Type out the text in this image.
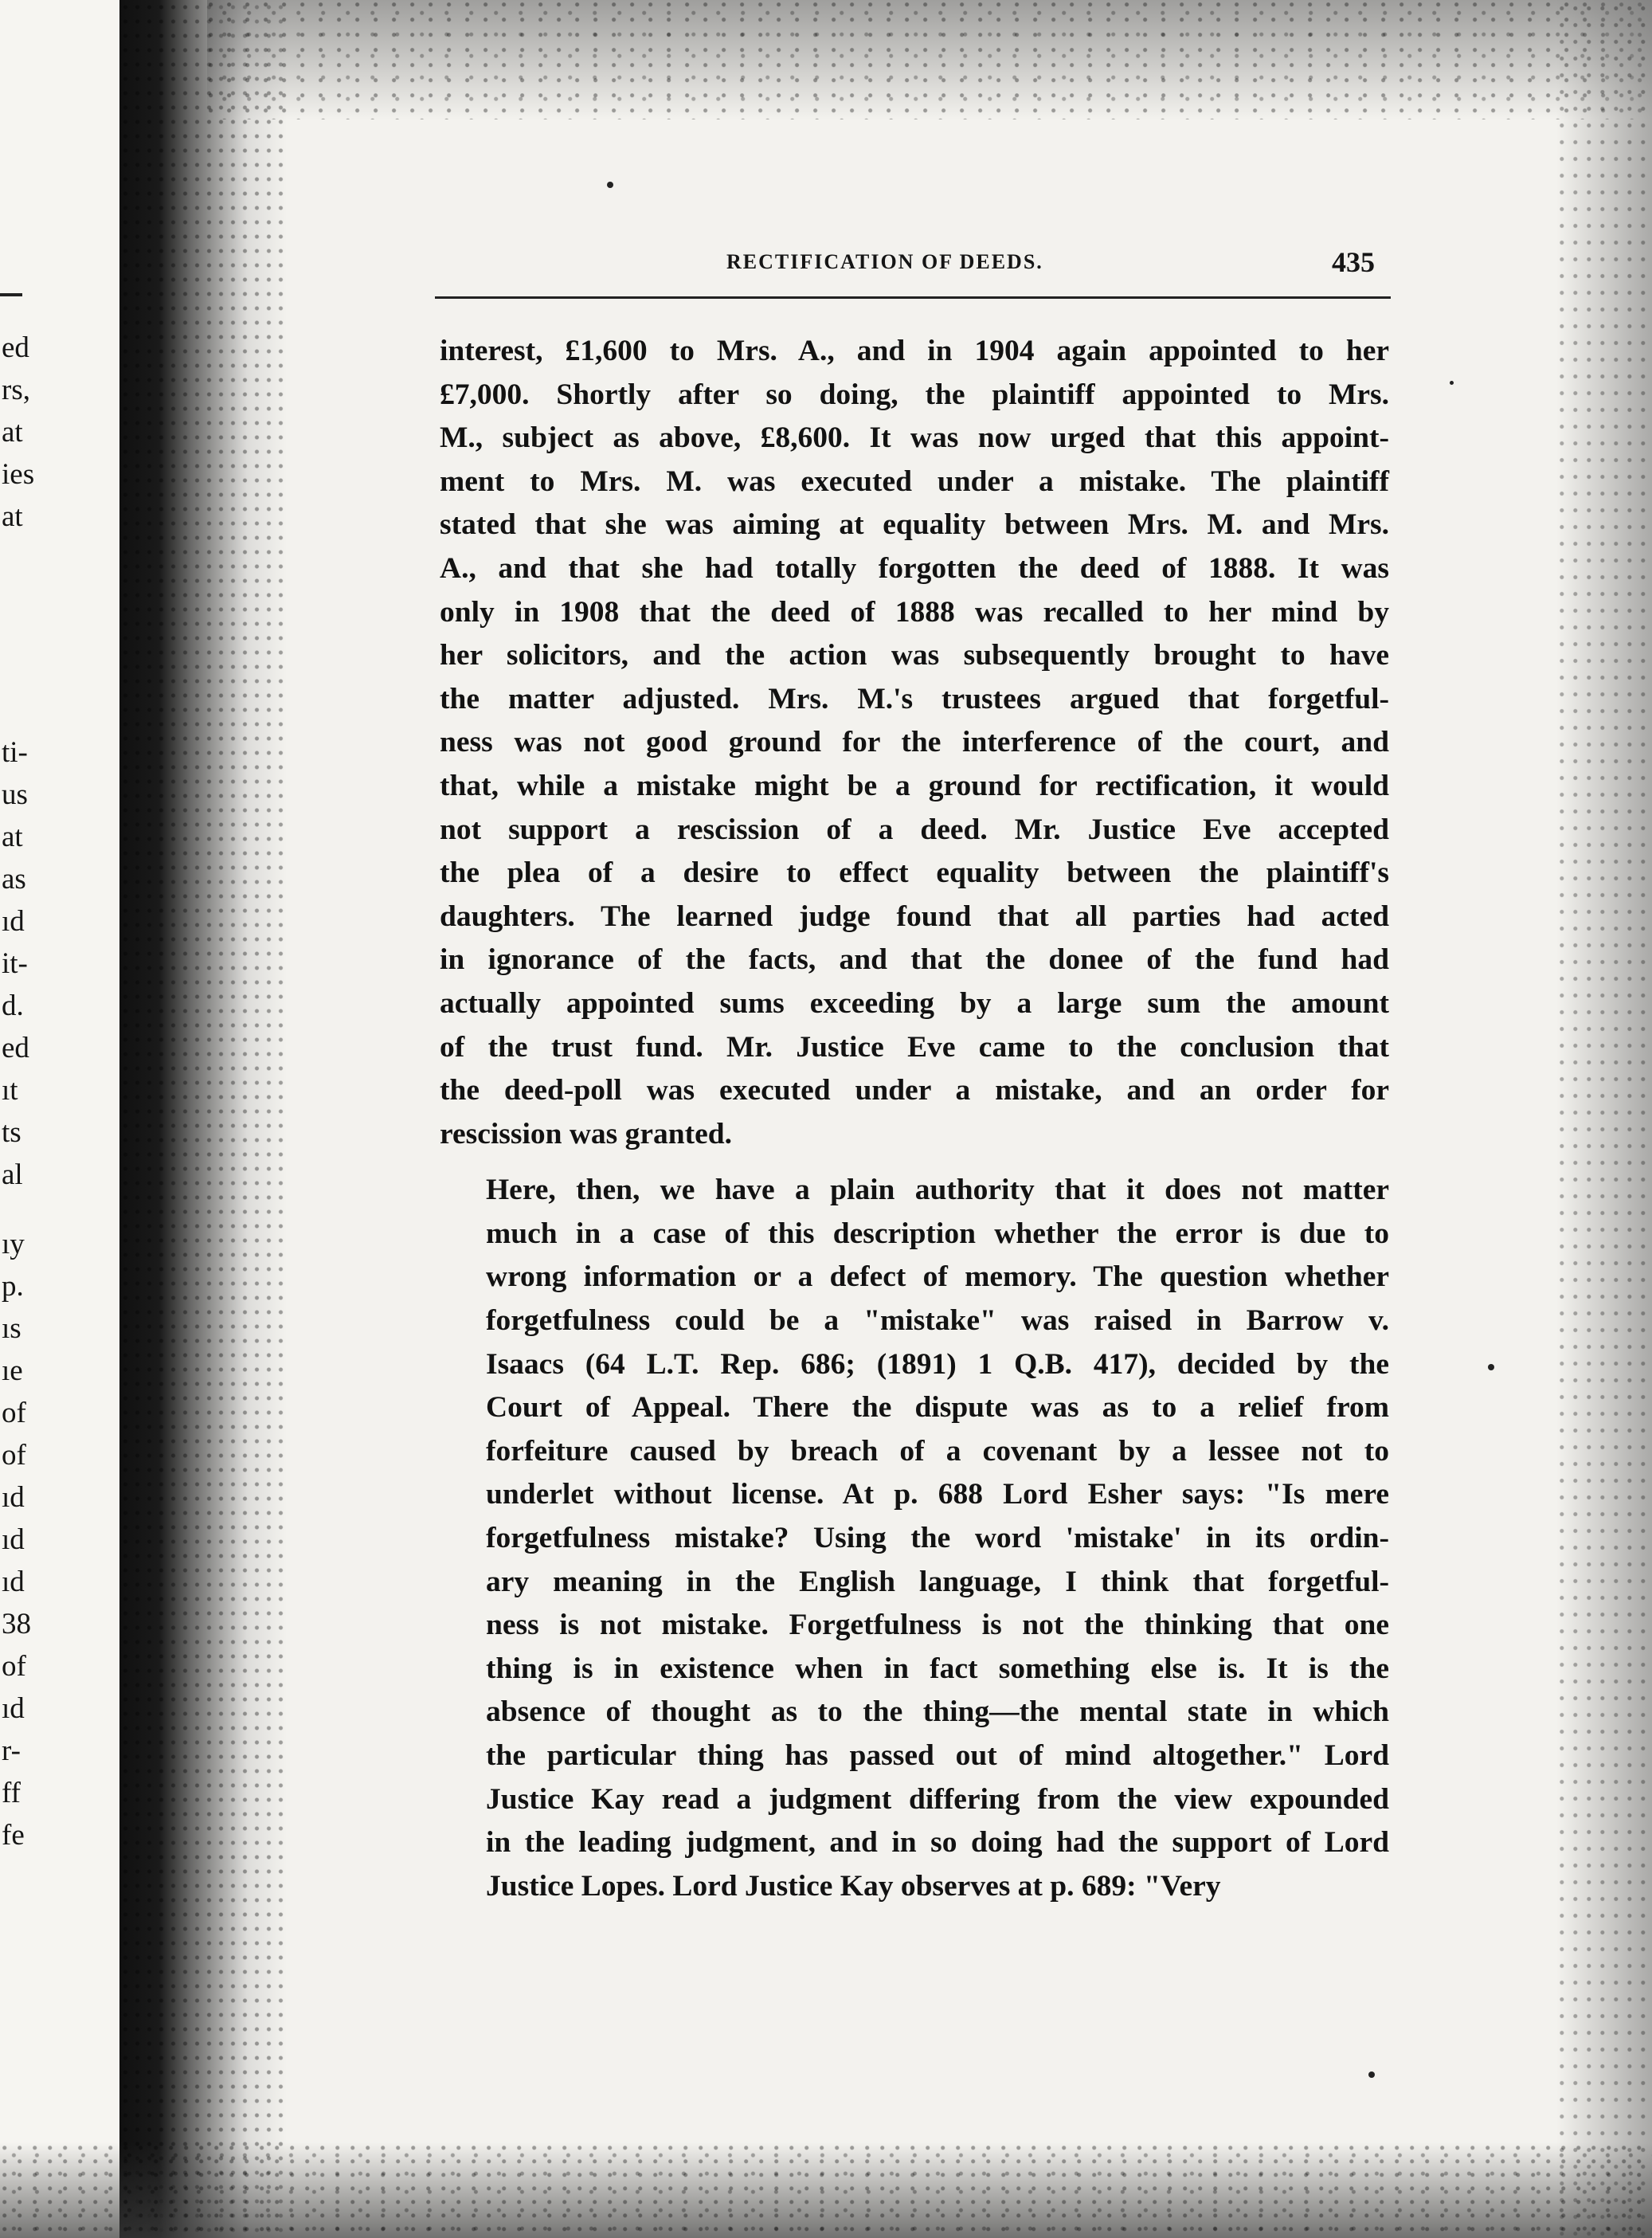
ed
rs,
at
ies
at
ti-
us
at
as
ıd
it-
d.
ed
ıt
ts
al
ıy
p.
ıs
ıe
of
of
ıd
ıd
ıd
38
of
ıd
r-
ff
fe
RECTIFICATION OF DEEDS.	435

interest, £1,600 to Mrs. A., and in 1904 again appointed to her
£7,000. Shortly after so doing, the plaintiff appointed to Mrs.
M., subject as above, £8,600. It was now urged that this appoint-
ment to Mrs. M. was executed under a mistake. The plaintiff
stated that she was aiming at equality between Mrs. M. and Mrs.
A., and that she had totally forgotten the deed of 1888. It was
only in 1908 that the deed of 1888 was recalled to her mind by
her solicitors, and the action was subsequently brought to have
the matter adjusted. Mrs. M.'s trustees argued that forgetful-
ness was not good ground for the interference of the court, and
that, while a mistake might be a ground for rectification, it would
not support a rescission of a deed. Mr. Justice Eve accepted
the plea of a desire to effect equality between the plaintiff's
daughters. The learned judge found that all parties had acted
in ignorance of the facts, and that the donee of the fund had
actually appointed sums exceeding by a large sum the amount
of the trust fund. Mr. Justice Eve came to the conclusion that
the deed-poll was executed under a mistake, and an order for
rescission was granted.

Here, then, we have a plain authority that it does not matter
much in a case of this description whether the error is due to
wrong information or a defect of memory. The question whether
forgetfulness could be a "mistake" was raised in Barrow v.
Isaacs (64 L.T. Rep. 686; (1891) 1 Q.B. 417), decided by the
Court of Appeal. There the dispute was as to a relief from
forfeiture caused by breach of a covenant by a lessee not to
underlet without license. At p. 688 Lord Esher says: "Is mere
forgetfulness mistake? Using the word 'mistake' in its ordin-
ary meaning in the English language, I think that forgetful-
ness is not mistake. Forgetfulness is not the thinking that one
thing is in existence when in fact something else is. It is the
absence of thought as to the thing—the mental state in which
the particular thing has passed out of mind altogether." Lord
Justice Kay read a judgment differing from the view expounded
in the leading judgment, and in so doing had the support of Lord
Justice Lopes. Lord Justice Kay observes at p. 689: "Very
